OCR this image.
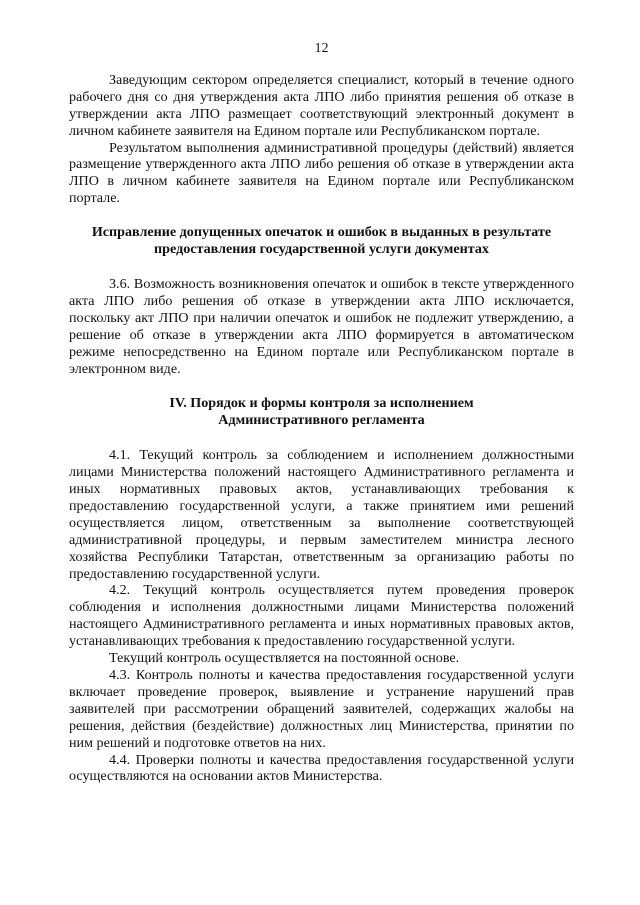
12

Заведующим сектором определяется специалист, который в течение одного рабочего дня со дня утверждения акта ЛПО либо принятия решения об отказе в утверждении акта ЛПО размещает соответствующий электронный документ в личном кабинете заявителя на Едином портале или Республиканском портале.

Результатом выполнения административной процедуры (действий) является размещение утвержденного акта ЛПО либо решения об отказе в утверждении акта ЛПО в личном кабинете заявителя на Едином портале или Республиканском портале.

Исправление допущенных опечаток и ошибок в выданных в результате
предоставления государственной услуги документах

3.6. Возможность возникновения опечаток и ошибок в тексте утвержденного акта ЛПО либо решения об отказе в утверждении акта ЛПО исключается, поскольку акт ЛПО при наличии опечаток и ошибок не подлежит утверждению, а решение об отказе в утверждении акта ЛПО формируется в автоматическом режиме непосредственно на Едином портале или Республиканском портале в электронном виде.

IV. Порядок и формы контроля за исполнением
Административного регламента

4.1. Текущий контроль за соблюдением и исполнением должностными лицами Министерства положений настоящего Административного регламента и иных нормативных правовых актов, устанавливающих требования к предоставлению государственной услуги, а также принятием ими решений осуществляется лицом, ответственным за выполнение соответствующей административной процедуры, и первым заместителем министра лесного хозяйства Республики Татарстан, ответственным за организацию работы по предоставлению государственной услуги.

4.2. Текущий контроль осуществляется путем проведения проверок соблюдения и исполнения должностными лицами Министерства положений настоящего Административного регламента и иных нормативных правовых актов, устанавливающих требования к предоставлению государственной услуги.

Текущий контроль осуществляется на постоянной основе.

4.3. Контроль полноты и качества предоставления государственной услуги включает проведение проверок, выявление и устранение нарушений прав заявителей при рассмотрении обращений заявителей, содержащих жалобы на решения, действия (бездействие) должностных лиц Министерства, принятии по ним решений и подготовке ответов на них.

4.4. Проверки полноты и качества предоставления государственной услуги осуществляются на основании актов Министерства.
